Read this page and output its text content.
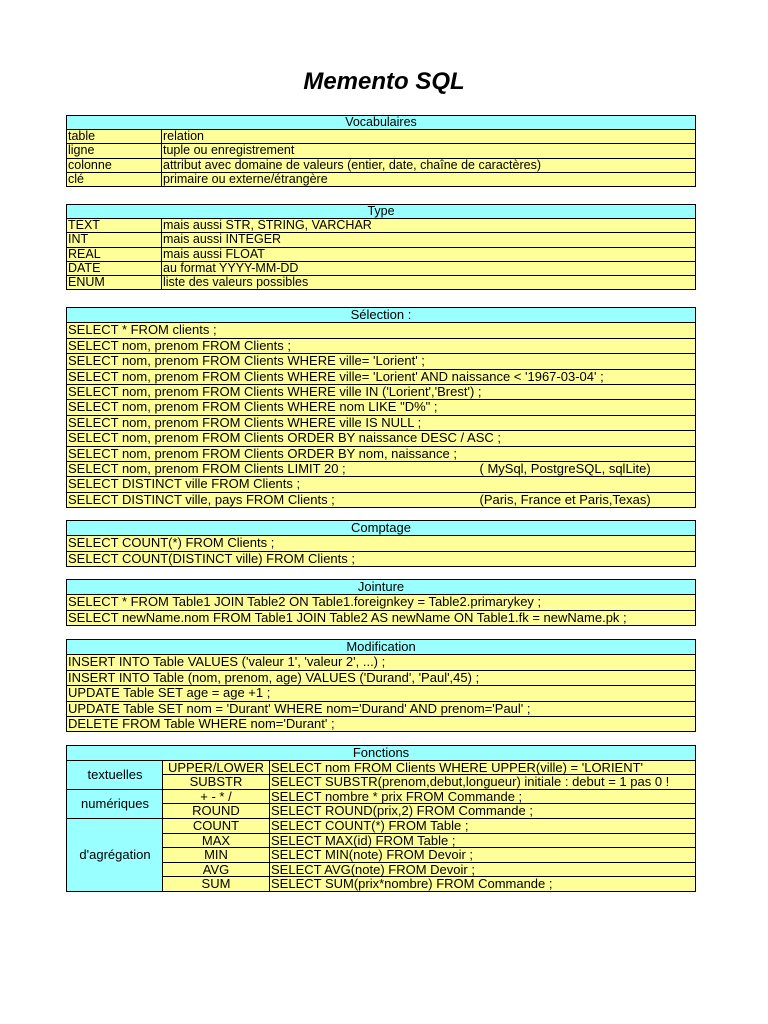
Memento SQL
Vocabulaires	
table	relation
ligne	tuple ou enregistrement
colonne	attribut avec domaine de valeurs (entier, date, chaîne de caractères)
clé	primaire ou externe/étrangère
Type	
TEXT	mais aussi STR, STRING, VARCHAR
INT	mais aussi INTEGER
REAL	mais aussi FLOAT
DATE	au format YYYY-MM-DD
ENUM	liste des valeurs possibles
Sélection :	
SELECT * FROM clients ;	
SELECT nom, prenom FROM Clients ;	
SELECT nom, prenom FROM Clients WHERE ville= 'Lorient' ;	
SELECT nom, prenom FROM Clients WHERE ville= 'Lorient' AND naissance < '1967-03-04' ;	
SELECT nom, prenom FROM Clients WHERE ville IN ('Lorient','Brest') ;	
SELECT nom, prenom FROM Clients WHERE nom LIKE "D%" ;	
SELECT nom, prenom FROM Clients WHERE ville IS NULL ;	
SELECT nom, prenom FROM Clients ORDER BY naissance DESC / ASC ;	
SELECT nom, prenom FROM Clients ORDER BY nom, naissance ;	
SELECT nom, prenom FROM Clients LIMIT 20 ;	( MySql, PostgreSQL, sqlLite)
SELECT DISTINCT ville FROM Clients ;	
SELECT DISTINCT ville, pays FROM Clients ;	(Paris, France et Paris,Texas)
Comptage
SELECT COUNT(*) FROM Clients ;
SELECT COUNT(DISTINCT ville) FROM Clients ;
Jointure
SELECT * FROM Table1 JOIN Table2 ON Table1.foreignkey = Table2.primarykey ;
SELECT newName.nom FROM Table1 JOIN Table2 AS newName ON Table1.fk = newName.pk ;
Modification
INSERT INTO Table VALUES ('valeur 1', 'valeur 2', ...) ;
INSERT INTO Table (nom, prenom, age) VALUES ('Durand', 'Paul',45) ;
UPDATE Table SET age = age +1 ;
UPDATE Table SET nom = 'Durant' WHERE nom='Durand' AND prenom='Paul' ;
DELETE FROM Table WHERE nom='Durant' ;
Fonctions		
textuelles	UPPER/LOWER	SELECT nom FROM Clients WHERE UPPER(ville) = 'LORIENT'
	SUBSTR	SELECT SUBSTR(prenom,debut,longueur) initiale : debut = 1 pas 0 !
numériques	+ - * /	SELECT nombre * prix FROM Commande ;
	ROUND	SELECT ROUND(prix,2) FROM Commande ;
d'agrégation	COUNT	SELECT COUNT(*) FROM Table ;
	MAX	SELECT MAX(id) FROM Table ;
	MIN	SELECT MIN(note) FROM Devoir ;
	AVG	SELECT AVG(note) FROM Devoir ;
	SUM	SELECT SUM(prix*nombre) FROM Commande ;
